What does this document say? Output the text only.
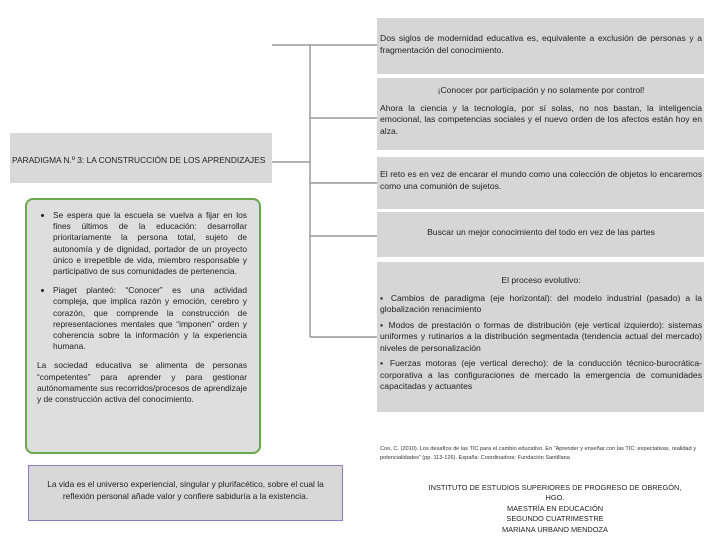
PARADIGMA N.º 3: LA CONSTRUCCIÓN DE LOS APRENDIZAJES
• Se espera que la escuela se vuelva a fijar en los fines últimos de la educación: desarrollar prioritariamente la persona total, sujeto de autonomía y de dignidad, portador de un proyecto único e irrepetible de vida, miembro responsable y participativo de sus comunidades de pertenencia.
• Piaget planteó: “Conocer” es una actividad compleja, que implica razón y emoción, cerebro y corazón, que comprende la construcción de representaciones mentales que “imponen” orden y coherencia sobre la información y la experiencia humana.

La sociedad educativa se alimenta de personas “competentes” para aprender y para gestionar autónomamente sus recorridos/procesos de aprendizaje y de construcción activa del conocimiento.

La vida es el universo experiencial, singular y plurifacético, sobre el cual la reflexión personal añade valor y confiere sabiduría a la existencia.
Dos siglos de modernidad educativa es, equivalente a exclusión de personas y a fragmentación del conocimiento.
¡Conocer por participación y no solamente por control!
Ahora la ciencia y la tecnología, por sí solas, no nos bastan, la inteligencia emocional, las competencias sociales y el nuevo orden de los afectos están hoy en alza.
El reto es en vez de encarar el mundo como una colección de objetos lo encaremos como una comunión de sujetos.
Buscar un mejor conocimiento del todo en vez de las partes
El proceso evolutivo:
▪ Cambios de paradigma (eje horizontal): del modelo industrial (pasado) a la globalización renacimiento
▪ Modos de prestación o formas de distribución (eje vertical izquierdo): sistemas uniformes y rutinarios a la distribución segmentada (tendencia actual del mercado) niveles de personalización
▪ Fuerzas motoras (eje vertical derecho): de la conducción técnico-burocrática-corporativa a las configuraciones de mercado la emergencia de comunidades capacitadas y actuantes
Coo, C. (2010). Los desafíos de las TIC para el cambio educativo. En “Aprender y enseñar con las TIC: expectativas, realidad y potencialidades” (pp. 113-126). España: Coordinadora: Fundación Santillana
INSTITUTO DE ESTUDIOS SUPERIORES DE PROGRESO DE OBREGÓN, HGO.
MAESTRÍA EN EDUCACIÓN
SEGUNDO CUATRIMESTRE
MARIANA URBANO MENDOZA
